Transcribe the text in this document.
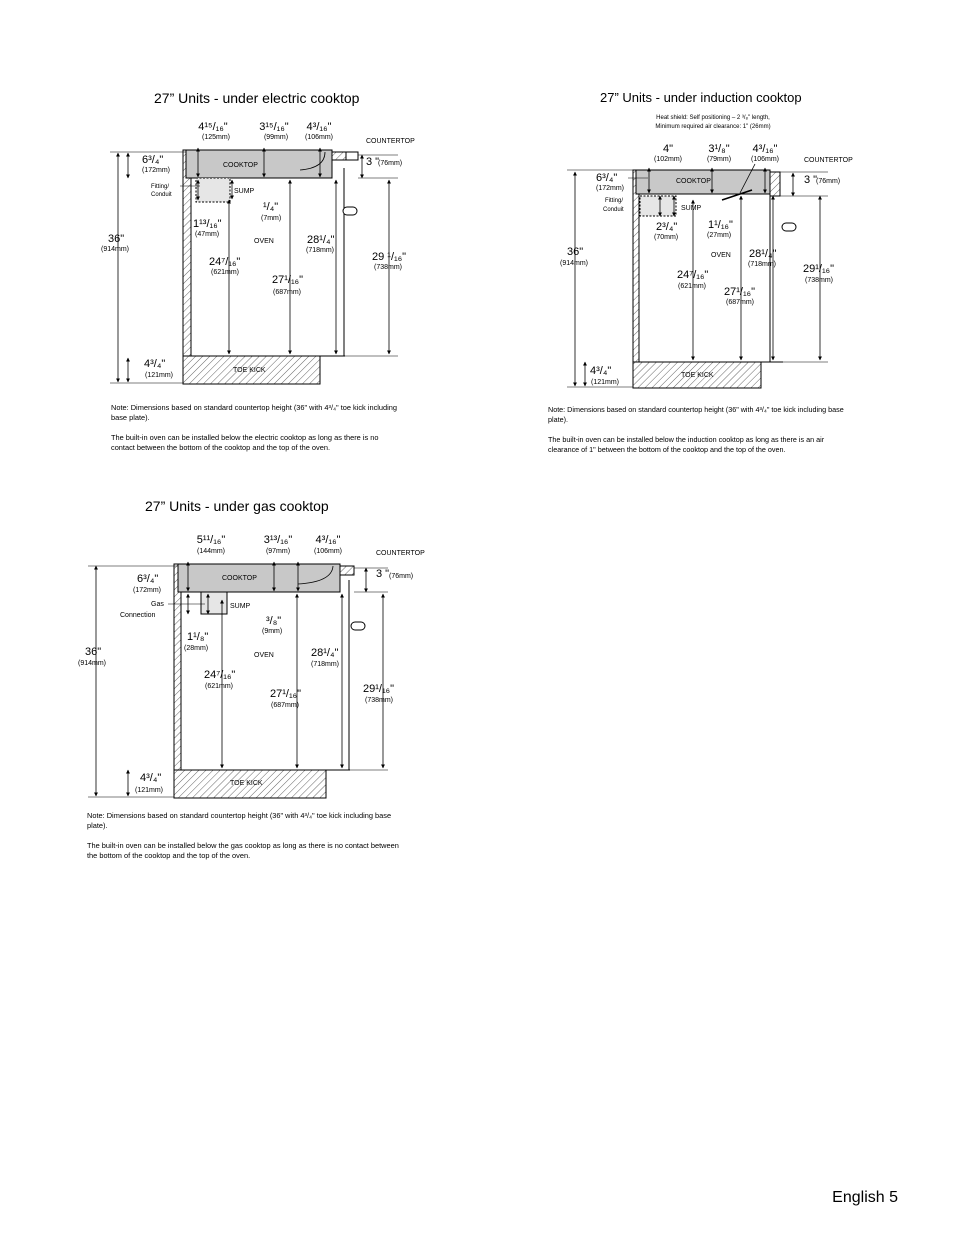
27” Units - under electric cooktop
4¹⁵/₁₆"
(125mm)
3¹⁵/₁₆"
(99mm)
4³/₁₆"
(106mm)
COUNTERTOP
6³/₄"
(172mm)
3 "
(76mm)
COOKTOP
Fitting/
Conduit	SUMP
¹/₄"
(7mm)
1¹³/₁₆"
(47mm)
36"
(914mm)
OVEN	28¹/₄"
(718mm)
29 ¹/₁₆"
(738mm)
24⁷/₁₆"
(621mm)
27¹/₁₆"
(687mm)
4³/₄"
(121mm)
TOE KICK

Note: Dimensions based on standard countertop height (36" with 4³/₄" toe kick including base plate).

The built-in oven can be installed below the electric cooktop as long as there is no contact between the bottom of the cooktop and the top of the oven.

27” Units - under induction cooktop
Heat shield: Self positioning – 2 ³/₈" length,
Minimum required air clearance: 1" (26mm)
4"
(102mm)
3¹/₈"
(79mm)
4³/₁₆"
(106mm)	COUNTERTOP
6³/₄"
(172mm)
3 "
(76mm)
COOKTOP
Fitting/
Conduit	SUMP
2³/₄"
(70mm)
1¹/₁₆"
(27mm)
36"
(914mm)
OVEN 28¹/₄"
(718mm) 29¹/₁₆"
(738mm)
24⁷/₁₆"
(621mm) 27¹/₁₆"
(687mm)
4³/₄"
(121mm)
TOE KICK

Note: Dimensions based on standard countertop height (36" with 4³/₄" toe kick including base plate).

The built-in oven can be installed below the induction cooktop as long as there is an air clearance of 1" between the bottom of the cooktop and the top of the oven.

27” Units - under gas cooktop
5¹¹/₁₆"
(144mm)
3¹³/₁₆"
(97mm)
4³/₁₆"
(106mm)	COUNTERTOP
6³/₄"
(172mm)
3 " (76mm)
COOKTOP
Gas
Connection
SUMP
³/₈"
(9mm)
1¹/₈"
(28mm)
36"
(914mm)
OVEN	28¹/₄"
(718mm)
29¹/₁₆"
(738mm)
24⁷/₁₆"
(621mm)
27¹/₁₆"
(687mm)
4³/₄"
(121mm)
TOE KICK

Note: Dimensions based on standard countertop height (36" with 4³/₄" toe kick including base plate).

The built-in oven can be installed below the gas cooktop as long as there is no contact between the bottom of the cooktop and the top of the oven.

English 5
